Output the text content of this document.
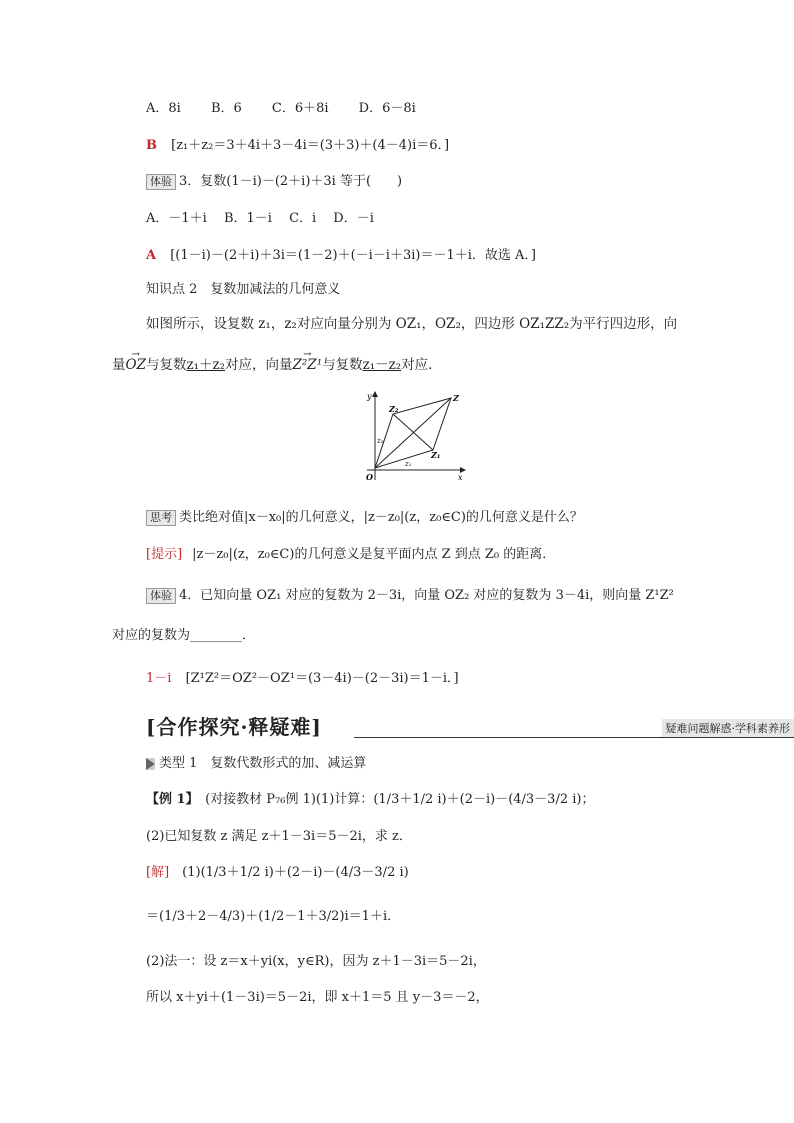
A．8i　　 B．6　　 C．6＋8i　　 D．6－8i
B [z₁＋z₂＝3＋4i＋3－4i＝(3＋3)＋(4－4)i＝6．]
体验 3．复数(1－i)－(2＋i)＋3i 等于(　　)
A．－1＋i　 B．1－i　 C．i　 D．－i
A [(1－i)－(2＋i)＋3i＝(1－2)＋(－i－i＋3i)＝－1＋i．故选 A．]
知识点 2　复数加减法的几何意义
如图所示，设复数 z₁，z₂对应向量分别为 OZ₁，OZ₂，四边形 OZ₁ZZ₂为平行四边形，向
量→ OZ与复数z₁＋z₂对应，向量→ Z²Z¹与复数z₁－z₂对应．
y
x
O
Z
Z₁
Z₂
z₁
z₂
思考 类比绝对值|x－x₀|的几何意义，|z－z₀|(z，z₀∈C)的几何意义是什么？
[提示] |z－z₀|(z，z₀∈C)的几何意义是复平面内点 Z 到点 Z₀ 的距离．
体验 4．已知向量 OZ₁ 对应的复数为 2－3i，向量 OZ₂ 对应的复数为 3－4i，则向量 Z¹Z²
对应的复数为________．
1－i [Z¹Z²＝OZ²－OZ¹＝(3－4i)－(2－3i)＝1－i．]
[合作探究·释疑难]	疑难问题解惑·学科素养形
类型 1　复数代数形式的加、减运算
【例 1】　(对接教材 P₇₆例 1)(1)计算：(1/3＋1/2 i)＋(2－i)－(4/3－3/2 i)；
(2)已知复数 z 满足 z＋1－3i＝5－2i，求 z．
[解]　(1)(1/3＋1/2 i)＋(2－i)－(4/3－3/2 i)
＝(1/3＋2－4/3)＋(1/2－1＋3/2)i＝1＋i．
(2)法一：设 z＝x＋yi(x，y∈R)，因为 z＋1－3i＝5－2i，
所以 x＋yi＋(1－3i)＝5－2i，即 x＋1＝5 且 y－3＝－2，
